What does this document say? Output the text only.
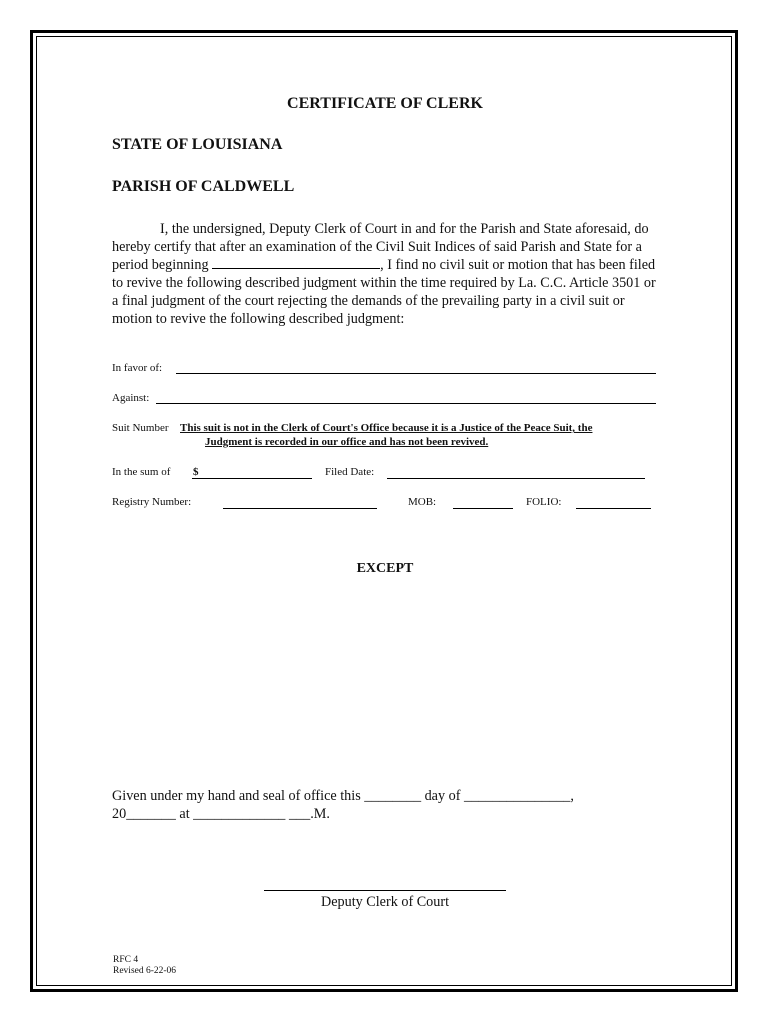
CERTIFICATE OF CLERK
STATE OF LOUISIANA
PARISH OF CALDWELL
I, the undersigned, Deputy Clerk of Court in and for the Parish and State aforesaid, do hereby certify that after an examination of the Civil Suit Indices of said Parish and State for a period beginning	, I find no civil suit or motion that has been filed to revive the following described judgment within the time required by La. C.C. Article 3501 or a final judgment of the court rejecting the demands of the prevailing party in a civil suit or motion to revive the following described judgment:
In favor of:
Against:
Suit Number This suit is not in the Clerk of Court's Office because it is a Justice of the Peace Suit, the
Judgment is recorded in our office and has not been revived.
In the sum of $	Filed Date:
Registry Number:	MOB:	FOLIO:
EXCEPT
Given under my hand and seal of office this ________ day of _______________,
20_______ at _____________ ___.M.
Deputy Clerk of Court
RFC 4
Revised 6-22-06
